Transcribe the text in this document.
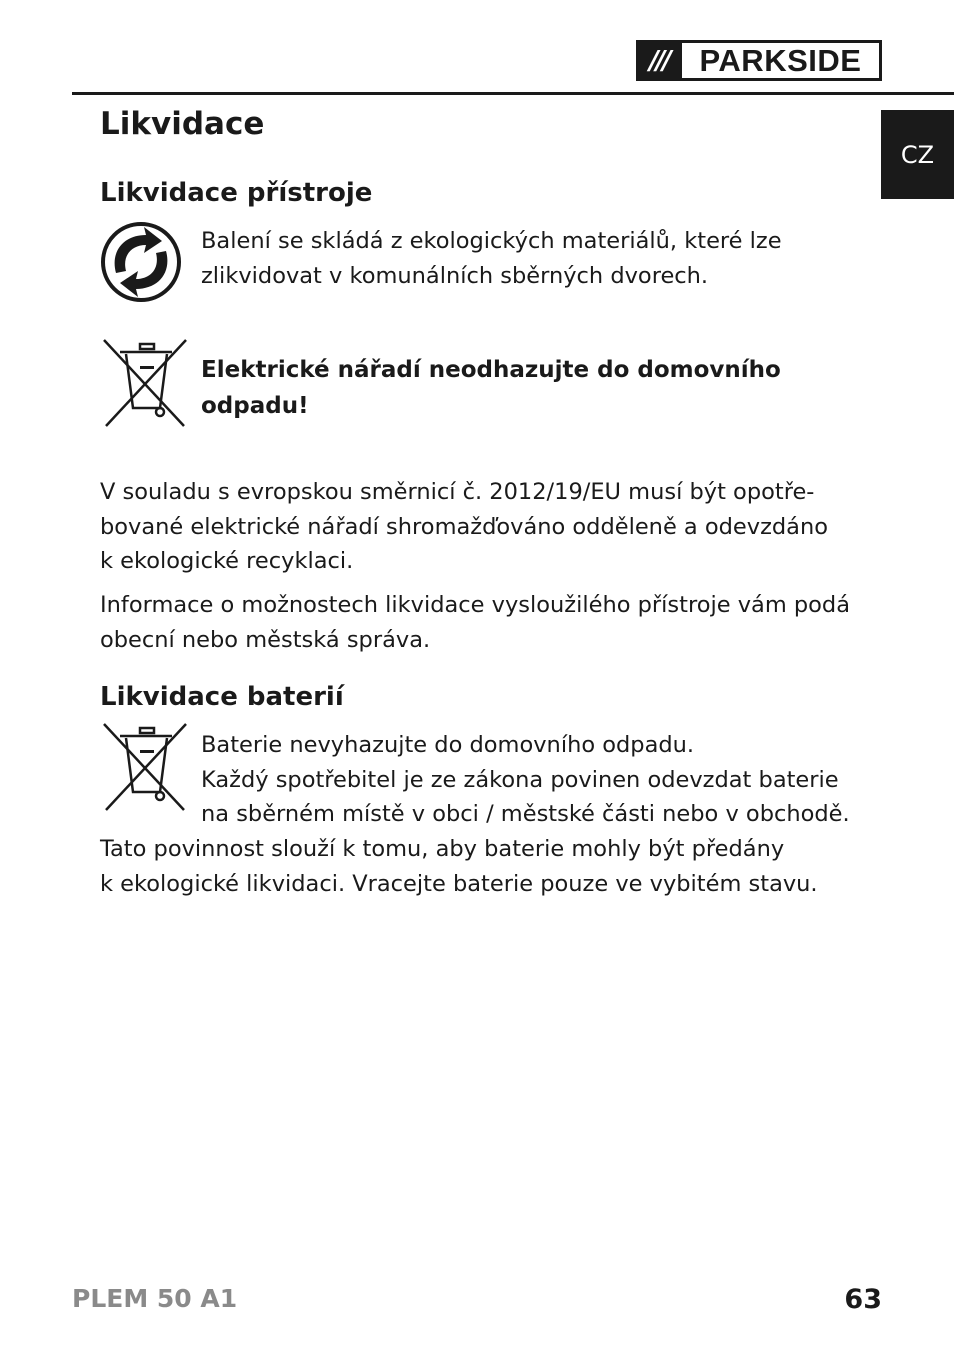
/// PARKSIDE
CZ
Likvidace
Likvidace přístroje

Balení se skládá z ekologických materiálů, které lze
zlikvidovat v komunálních sběrných dvorech.

Elektrické nářadí neodhazujte do domovního
odpadu!

V souladu s evropskou směrnicí č. 2012/19/EU musí být opotře-
bované elektrické nářadí shromažďováno odděleně a odevzdáno
k ekologické recyklaci.

Informace o možnostech likvidace vysloužilého přístroje vám podá
obecní nebo městská správa.

Likvidace baterií

Baterie nevyhazujte do domovního odpadu.
Každý spotřebitel je ze zákona povinen odevzdat baterie
na sběrném místě v obci / městské části nebo v obchodě.

Tato povinnost slouží k tomu, aby baterie mohly být předány
k ekologické likvidaci. Vracejte baterie pouze ve vybitém stavu.

PLEM 50 A1	63
